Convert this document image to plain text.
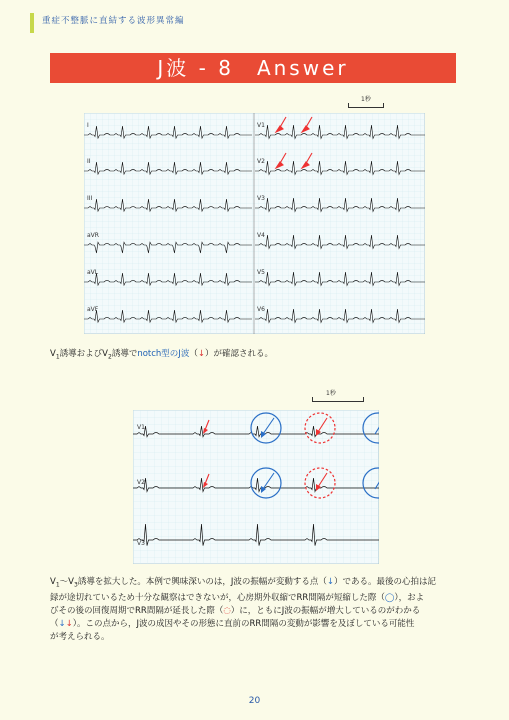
重症不整脈に直結する波形異常編
J波 - 8　Answer
1秒
I
II
III
aVR
aVL
aVF
V1
V2
V3
V4
V5
V6
$V_1$誘導および$V_2$誘導でnotch型のJ波（↓）が確認される。
1秒
V1
V2
V3
$V_1$〜$V_3$誘導を拡大した。本例で興味深いのは，J波の振幅が変動する点（↓）である。最後の心拍は記
録が途切れているため十分な観察はできないが，心房期外収縮でRR間隔が短縮した際（◯），およ
びその後の回復周期でRR間隔が延長した際（◌）に，ともにJ波の振幅が増大しているのがわかる
（↓↓）。この点から，J波の成因やその形態に直前のRR間隔の変動が影響を及ぼしている可能性
が考えられる。
20
